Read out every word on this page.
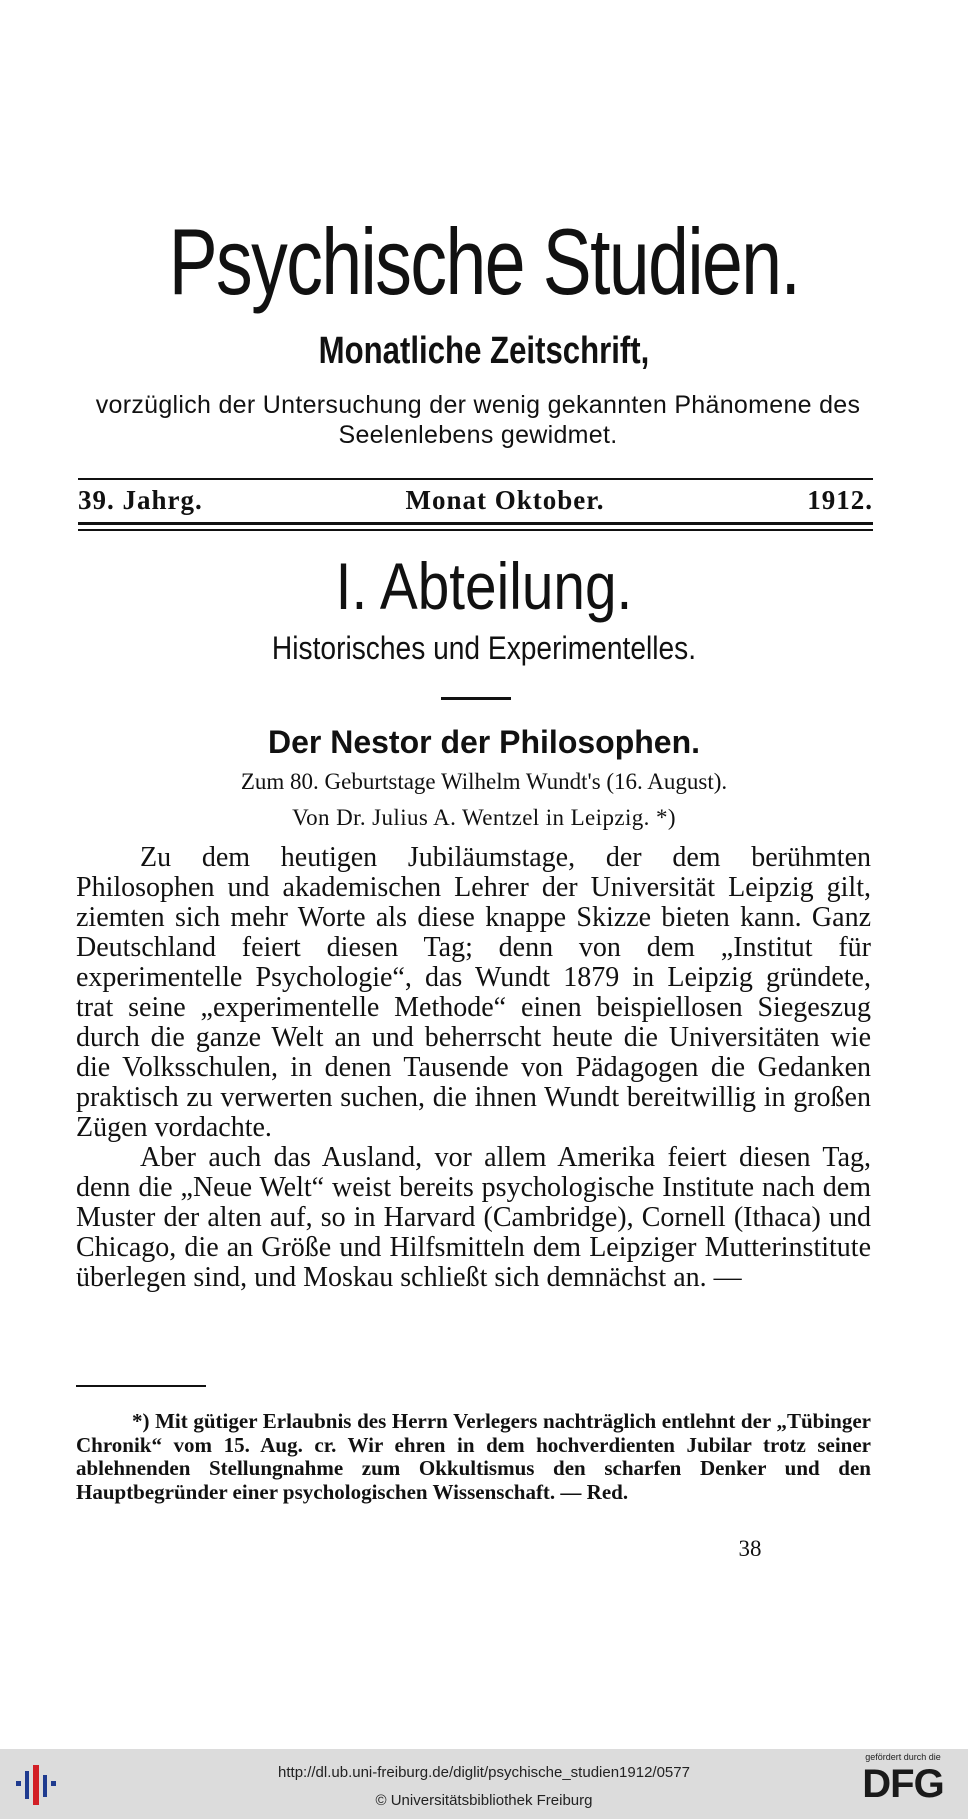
Psychische Studien.
Monatliche Zeitschrift,
vorzüglich der Untersuchung der wenig gekannten Phänomene des Seelenlebens gewidmet.
39. Jahrg.	Monat Oktober.	1912.
I. Abteilung.
Historisches und Experimentelles.
Der Nestor der Philosophen.
Zum 80. Geburtstage Wilhelm Wundt's (16. August).
Von Dr. Julius A. Wentzel in Leipzig. *)

Zu dem heutigen Jubiläumstage, der dem berühmten Philosophen und akademischen Lehrer der Universität Leipzig gilt, ziemten sich mehr Worte als diese knappe Skizze bieten kann. Ganz Deutschland feiert diesen Tag; denn von dem „Institut für experimentelle Psychologie“, das Wundt 1879 in Leipzig gründete, trat seine „experimentelle Methode“ einen beispiellosen Siegeszug durch die ganze Welt an und beherrscht heute die Universitäten wie die Volksschulen, in denen Tausende von Pädagogen die Gedanken praktisch zu verwerten suchen, die ihnen Wundt bereitwillig in großen Zügen vordachte.

Aber auch das Ausland, vor allem Amerika feiert diesen Tag, denn die „Neue Welt“ weist bereits psychologische Institute nach dem Muster der alten auf, so in Harvard (Cambridge), Cornell (Ithaca) und Chicago, die an Größe und Hilfsmitteln dem Leipziger Mutterinstitute überlegen sind, und Moskau schließt sich demnächst an. —

*) Mit gütiger Erlaubnis des Herrn Verlegers nachträglich entlehnt der „Tübinger Chronik“ vom 15. Aug. cr. Wir ehren in dem hochverdienten Jubilar trotz seiner ablehnenden Stellungnahme zum Okkultismus den scharfen Denker und den Hauptbegründer einer psychologischen Wissenschaft. — Red.
38
http://dl.ub.uni-freiburg.de/diglit/psychische_studien1912/0577
© Universitätsbibliothek Freiburg
gefördert durch die
DFG
